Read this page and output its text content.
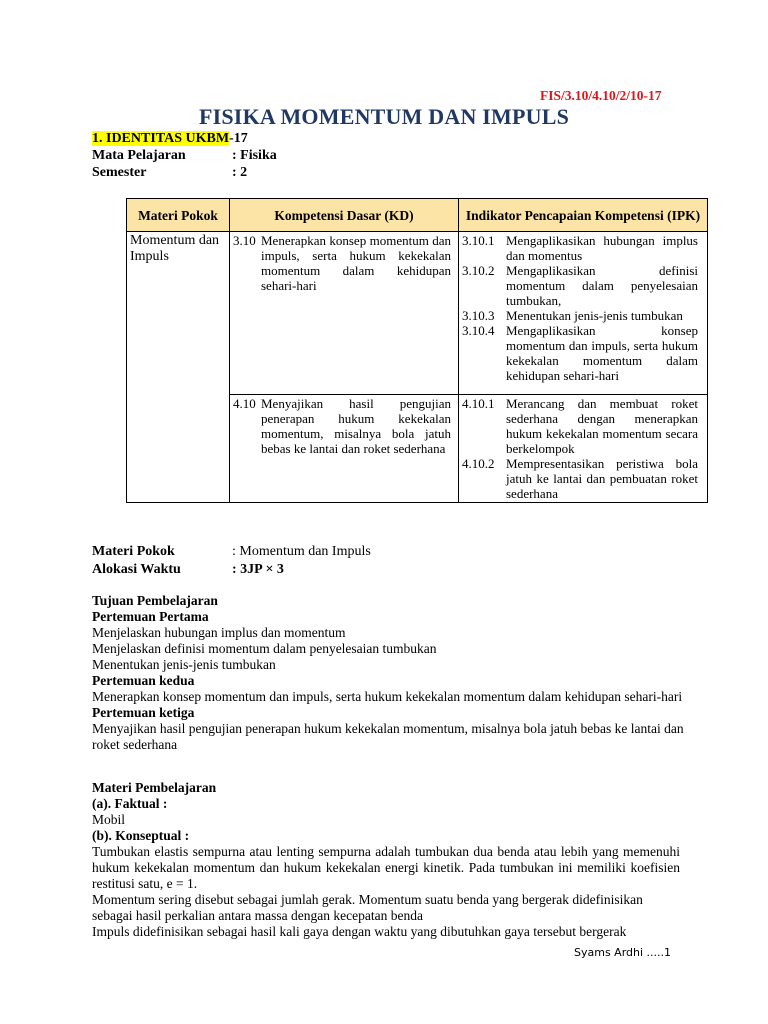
FIS/3.10/4.10/2/10-17
FISIKA MOMENTUM DAN IMPULS
1. IDENTITAS UKBM-17
Mata Pelajaran	: Fisika
Semester	: 2
Materi Pokok	Kompetensi Dasar (KD)	Indikator Pencapaian Kompetensi (IPK)
Momentum dan Impuls	3.10 Menerapkan konsep momentum dan impuls, serta hukum kekekalan momentum dalam kehidupan sehari-hari	3.10.1 Mengaplikasikan hubungan implus dan momentus
3.10.2 Mengaplikasikan definisi momentum dalam penyelesaian tumbukan,
3.10.3 Menentukan jenis-jenis tumbukan
3.10.4 Mengaplikasikan konsep momentum dan impuls, serta hukum kekekalan momentum dalam kehidupan sehari-hari

	4.10 Menyajikan hasil pengujian penerapan hukum kekekalan momentum, misalnya bola jatuh bebas ke lantai dan roket sederhana	4.10.1 Merancang dan membuat roket sederhana dengan menerapkan hukum kekekalan momentum secara berkelompok
4.10.2 Mempresentasikan peristiwa bola jatuh ke lantai dan pembuatan roket sederhana
Materi Pokok	: Momentum dan Impuls
Alokasi Waktu	: 3JP × 3
Tujuan Pembelajaran
Pertemuan Pertama
Menjelaskan hubungan implus dan momentum
Menjelaskan definisi momentum dalam penyelesaian tumbukan
Menentukan jenis-jenis tumbukan
Pertemuan kedua
Menerapkan konsep momentum dan impuls, serta hukum kekekalan momentum dalam kehidupan sehari-hari
Pertemuan ketiga
Menyajikan hasil pengujian penerapan hukum kekekalan momentum, misalnya bola jatuh bebas ke lantai dan roket sederhana
Materi Pembelajaran
(a). Faktual :
Mobil
(b). Konseptual :
Tumbukan elastis sempurna atau lenting sempurna adalah tumbukan dua benda atau lebih yang memenuhi hukum kekekalan momentum dan hukum kekekalan energi kinetik. Pada tumbukan ini memiliki koefisien restitusi satu, e = 1.
Momentum sering disebut sebagai jumlah gerak. Momentum suatu benda yang bergerak didefinisikan sebagai hasil perkalian antara massa dengan kecepatan benda
Impuls didefinisikan sebagai hasil kali gaya dengan waktu yang dibutuhkan gaya tersebut bergerak
Syams Ardhi .....1
